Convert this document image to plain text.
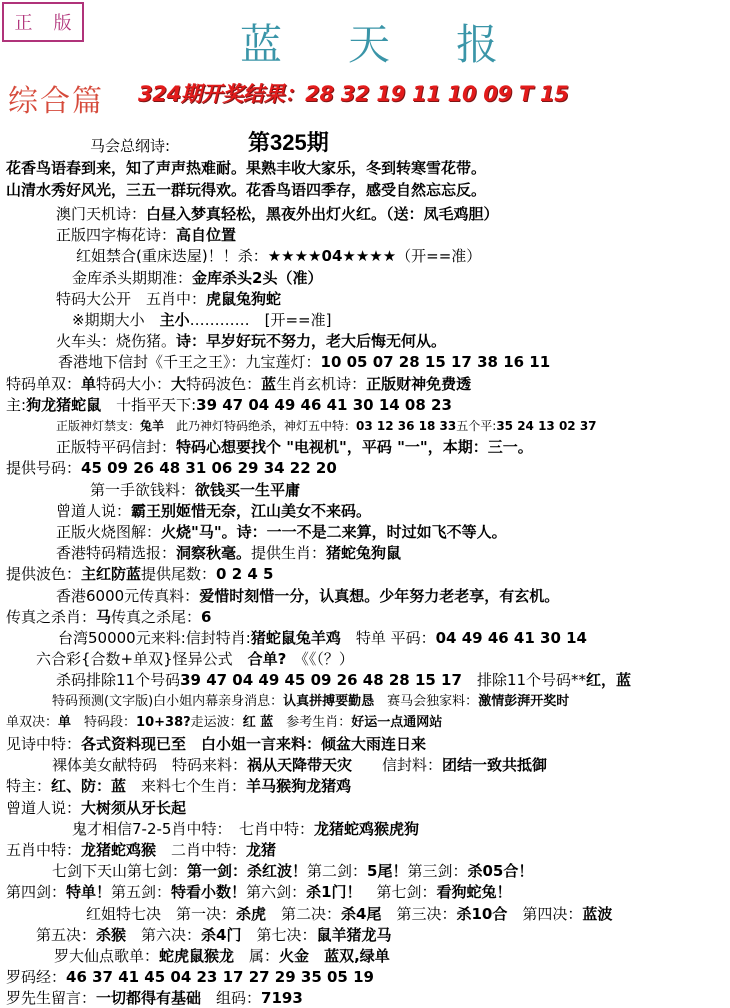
正 版	蓝 天 报
综合篇 324期开奖结果：28 32 19 11 10 09 T 15
马会总纲诗:	第325期
花香鸟语春到来，知了声声热难耐。果熟丰收大家乐，冬到转寒雪花带。
山清水秀好风光，三五一群玩得欢。花香鸟语四季存，感受自然忘忘反。
澳门天机诗：白昼入梦真轻松，黑夜外出灯火红。（送：凤毛鸡胆）
正版四字梅花诗：高自位置
红姐禁合(重床迭屋)！！杀：★★★★04★★★★（开==准）
金库杀头期期准：金库杀头2头（准）
特码大公开　五肖中：虎鼠兔狗蛇
※期期大小　主小…………　[开==准]
火车头：烧伤猪。诗：早岁好玩不努力，老大后悔无何从。
香港地下信封《千王之王》：九宝莲灯：10 05 07 28 15 17 38 16 11
特码单双：单特码大小：大特码波色：蓝生肖玄机诗：正版财神免费透
主:狗龙猪蛇鼠　十指平天下:39 47 04 49 46 41 30 14 08 23
正版神灯禁支：兔羊　此乃神灯特码绝杀，神灯五中特：03 12 36 18 33五个平:35 24 13 02 37
正版特平码信封：特码心想要找个 "电视机"，平码 "一"，本期：三一。
提供号码：45 09 26 48 31 06 29 34 22 20
第一手欲钱料：欲钱买一生平庸
曾道人说：霸王别姬惜无奈，江山美女不来码。
正版火烧图解：火烧"马"。诗：一一不是二来算，时过如飞不等人。
香港特码精选报：洞察秋毫。提供生肖：猪蛇兔狗鼠
提供波色：主红防蓝提供尾数：0 2 4 5
香港6000元传真料：爱惜时刻惜一分，认真想。少年努力老老享，有玄机。
传真之杀肖：马传真之杀尾：6
台湾50000元来料:信封特肖:猪蛇鼠兔羊鸡　特单 平码：04 49 46 41 30 14
六合彩{合数+单双}怪异公式　合单?　《《（？）
杀码排除11个号码39 47 04 49 45 09 26 48 28 15 17　排除11个号码**红，蓝
特码预测(文字版)白小姐内幕亲身消息：认真拼搏要勤恳　赛马会独家料：激情彭湃开奖时
单双决：单　特码段：10+38?走运波：红 蓝　参考生肖：好运一点通网站
见诗中特：各式资料现已至　白小姐一言来料：倾盆大雨连日来
裸体美女献特码　特码来料：祸从天降带天灾　　信封料：团结一致共抵御
特主：红、防：蓝　来料七个生肖：羊马猴狗龙猪鸡
曾道人说：大树须从牙长起
鬼才相信7-2-5肖中特：　七肖中特：龙猪蛇鸡猴虎狗
五肖中特：龙猪蛇鸡猴　二肖中特：龙猪
七剑下天山第七剑：第一剑：杀红波！第二剑：5尾！第三剑：杀05合！
第四剑：特单！第五剑：特看小数！第六剑：杀1门！　第七剑：看狗蛇兔！
红姐特七决　第一决：杀虎　第二决：杀4尾　第三决：杀10合　第四决：蓝波
第五决：杀猴　第六决：杀4门　第七决：鼠羊猪龙马
罗大仙点歌单：蛇虎鼠猴龙　属：火金　 蓝双,绿单
罗码经：46 37 41 45 04 23 17 27 29 35 05 19
罗先生留言：一切都得有基础　组码：7193
